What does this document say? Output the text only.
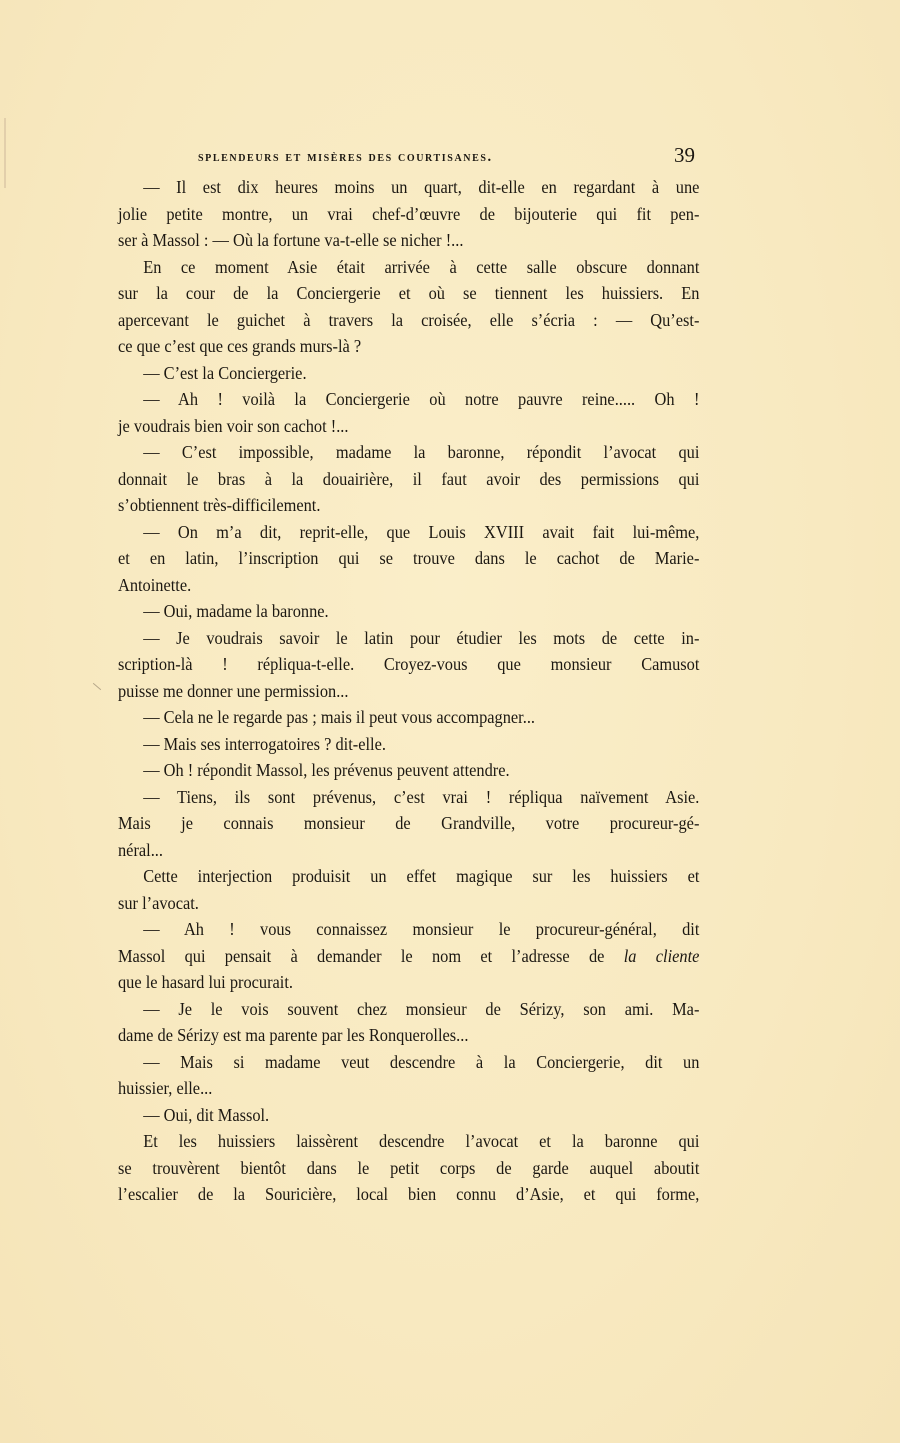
splendeurs et misères des courtisanes.	39
— Il est dix heures moins un quart, dit-elle en regardant à une
jolie petite montre, un vrai chef-d’œuvre de bijouterie qui fit pen-
ser à Massol : — Où la fortune va-t-elle se nicher !...
En ce moment Asie était arrivée à cette salle obscure donnant
sur la cour de la Conciergerie et où se tiennent les huissiers. En
apercevant le guichet à travers la croisée, elle s’écria : — Qu’est-
ce que c’est que ces grands murs-là ?
— C’est la Conciergerie.
— Ah ! voilà la Conciergerie où notre pauvre reine..... Oh !
je voudrais bien voir son cachot !...
— C’est impossible, madame la baronne, répondit l’avocat qui
donnait le bras à la douairière, il faut avoir des permissions qui
s’obtiennent très-difficilement.
— On m’a dit, reprit-elle, que Louis XVIII avait fait lui-même,
et en latin, l’inscription qui se trouve dans le cachot de Marie-
Antoinette.
— Oui, madame la baronne.
— Je voudrais savoir le latin pour étudier les mots de cette in-
scription-là ! répliqua-t-elle. Croyez-vous que monsieur Camusot
puisse me donner une permission...
— Cela ne le regarde pas ; mais il peut vous accompagner...
— Mais ses interrogatoires ? dit-elle.
— Oh ! répondit Massol, les prévenus peuvent attendre.
— Tiens, ils sont prévenus, c’est vrai ! répliqua naïvement Asie.
Mais je connais monsieur de Grandville, votre procureur-gé-
néral...
Cette interjection produisit un effet magique sur les huissiers et
sur l’avocat.
— Ah ! vous connaissez monsieur le procureur-général, dit
Massol qui pensait à demander le nom et l’adresse de la cliente
que le hasard lui procurait.
— Je le vois souvent chez monsieur de Sérizy, son ami. Ma-
dame de Sérizy est ma parente par les Ronquerolles...
— Mais si madame veut descendre à la Conciergerie, dit un
huissier, elle...
— Oui, dit Massol.
Et les huissiers laissèrent descendre l’avocat et la baronne qui
se trouvèrent bientôt dans le petit corps de garde auquel aboutit
l’escalier de la Souricière, local bien connu d’Asie, et qui forme,
